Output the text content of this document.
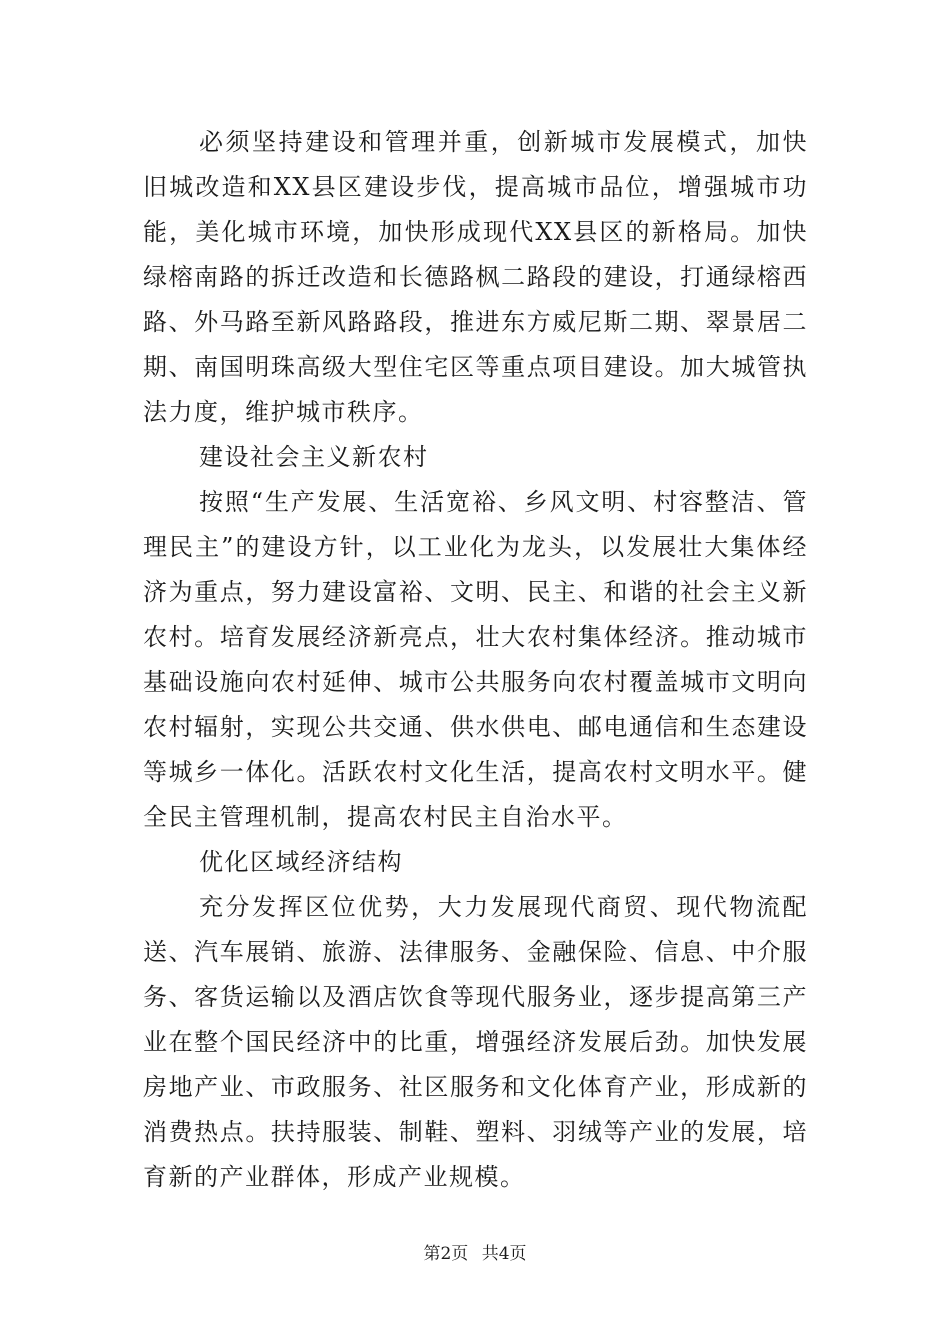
必须坚持建设和管理并重，创新城市发展模式，加快旧城改造和XX县区建设步伐，提高城市品位，增强城市功能，美化城市环境，加快形成现代XX县区的新格局。加快绿榕南路的拆迁改造和长德路枫二路段的建设，打通绿榕西路、外马路至新风路路段，推进东方威尼斯二期、翠景居二期、南国明珠高级大型住宅区等重点项目建设。加大城管执法力度，维护城市秩序。

建设社会主义新农村

按照“生产发展、生活宽裕、乡风文明、村容整洁、管理民主”的建设方针，以工业化为龙头，以发展壮大集体经济为重点，努力建设富裕、文明、民主、和谐的社会主义新农村。培育发展经济新亮点，壮大农村集体经济。推动城市基础设施向农村延伸、城市公共服务向农村覆盖城市文明向农村辐射，实现公共交通、供水供电、邮电通信和生态建设等城乡一体化。活跃农村文化生活，提高农村文明水平。健全民主管理机制，提高农村民主自治水平。

优化区域经济结构

充分发挥区位优势，大力发展现代商贸、现代物流配送、汽车展销、旅游、法律服务、金融保险、信息、中介服务、客货运输以及酒店饮食等现代服务业，逐步提高第三产业在整个国民经济中的比重，增强经济发展后劲。加快发展房地产业、市政服务、社区服务和文化体育产业，形成新的消费热点。扶持服装、制鞋、塑料、羽绒等产业的发展，培育新的产业群体，形成产业规模。

第2页 共4页
